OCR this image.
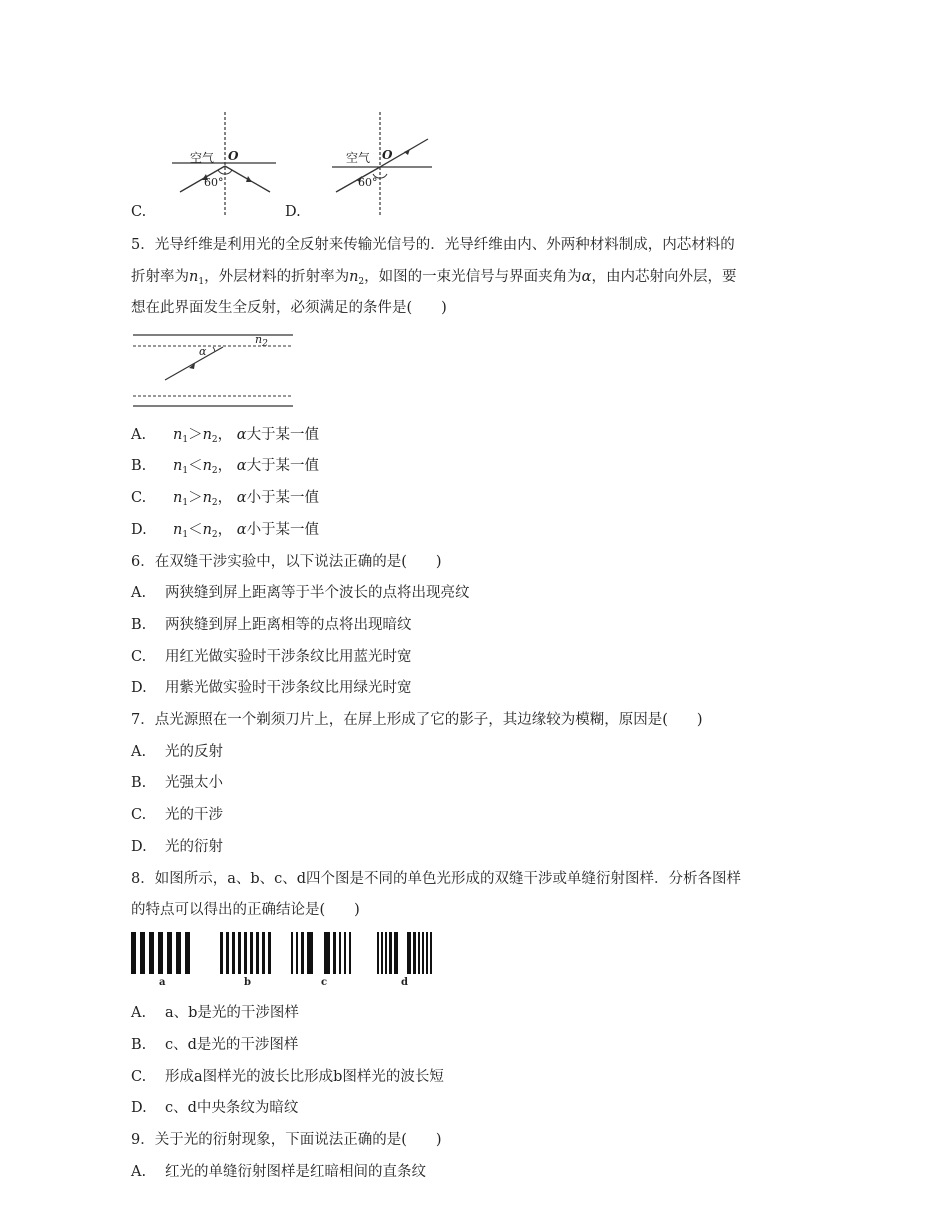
C.	D.
空气 O
60°
空气 O
60°
5．光导纤维是利用光的全反射来传输光信号的．光导纤维由内、外两种材料制成，内芯材料的
折射率为$n_1$，外层材料的折射率为$n_2$，如图的一束光信号与界面夹角为α，由内芯射向外层，要
想在此界面发生全反射，必须满足的条件是(　　)
α
$n_2$
A. $n_1>n_2$， α大于某一值
B. $n_1<n_2$， α大于某一值
C. $n_1>n_2$， α小于某一值
D. $n_1<n_2$， α小于某一值
6．在双缝干涉实验中，以下说法正确的是(　　)
A. 两狭缝到屏上距离等于半个波长的点将出现亮纹
B. 两狭缝到屏上距离相等的点将出现暗纹
C. 用红光做实验时干涉条纹比用蓝光时宽
D. 用紫光做实验时干涉条纹比用绿光时宽
7．点光源照在一个剃须刀片上，在屏上形成了它的影子，其边缘较为模糊，原因是(　　)
A. 光的反射
B. 光强太小
C. 光的干涉
D. 光的衍射
8．如图所示，a、b、c、d四个图是不同的单色光形成的双缝干涉或单缝衍射图样．分析各图样
的特点可以得出的正确结论是(　　)
a	b	c	d
A. a、b是光的干涉图样
B. c、d是光的干涉图样
C. 形成a图样光的波长比形成b图样光的波长短
D. c、d中央条纹为暗纹
9．关于光的衍射现象，下面说法正确的是(　　)
A. 红光的单缝衍射图样是红暗相间的直条纹
